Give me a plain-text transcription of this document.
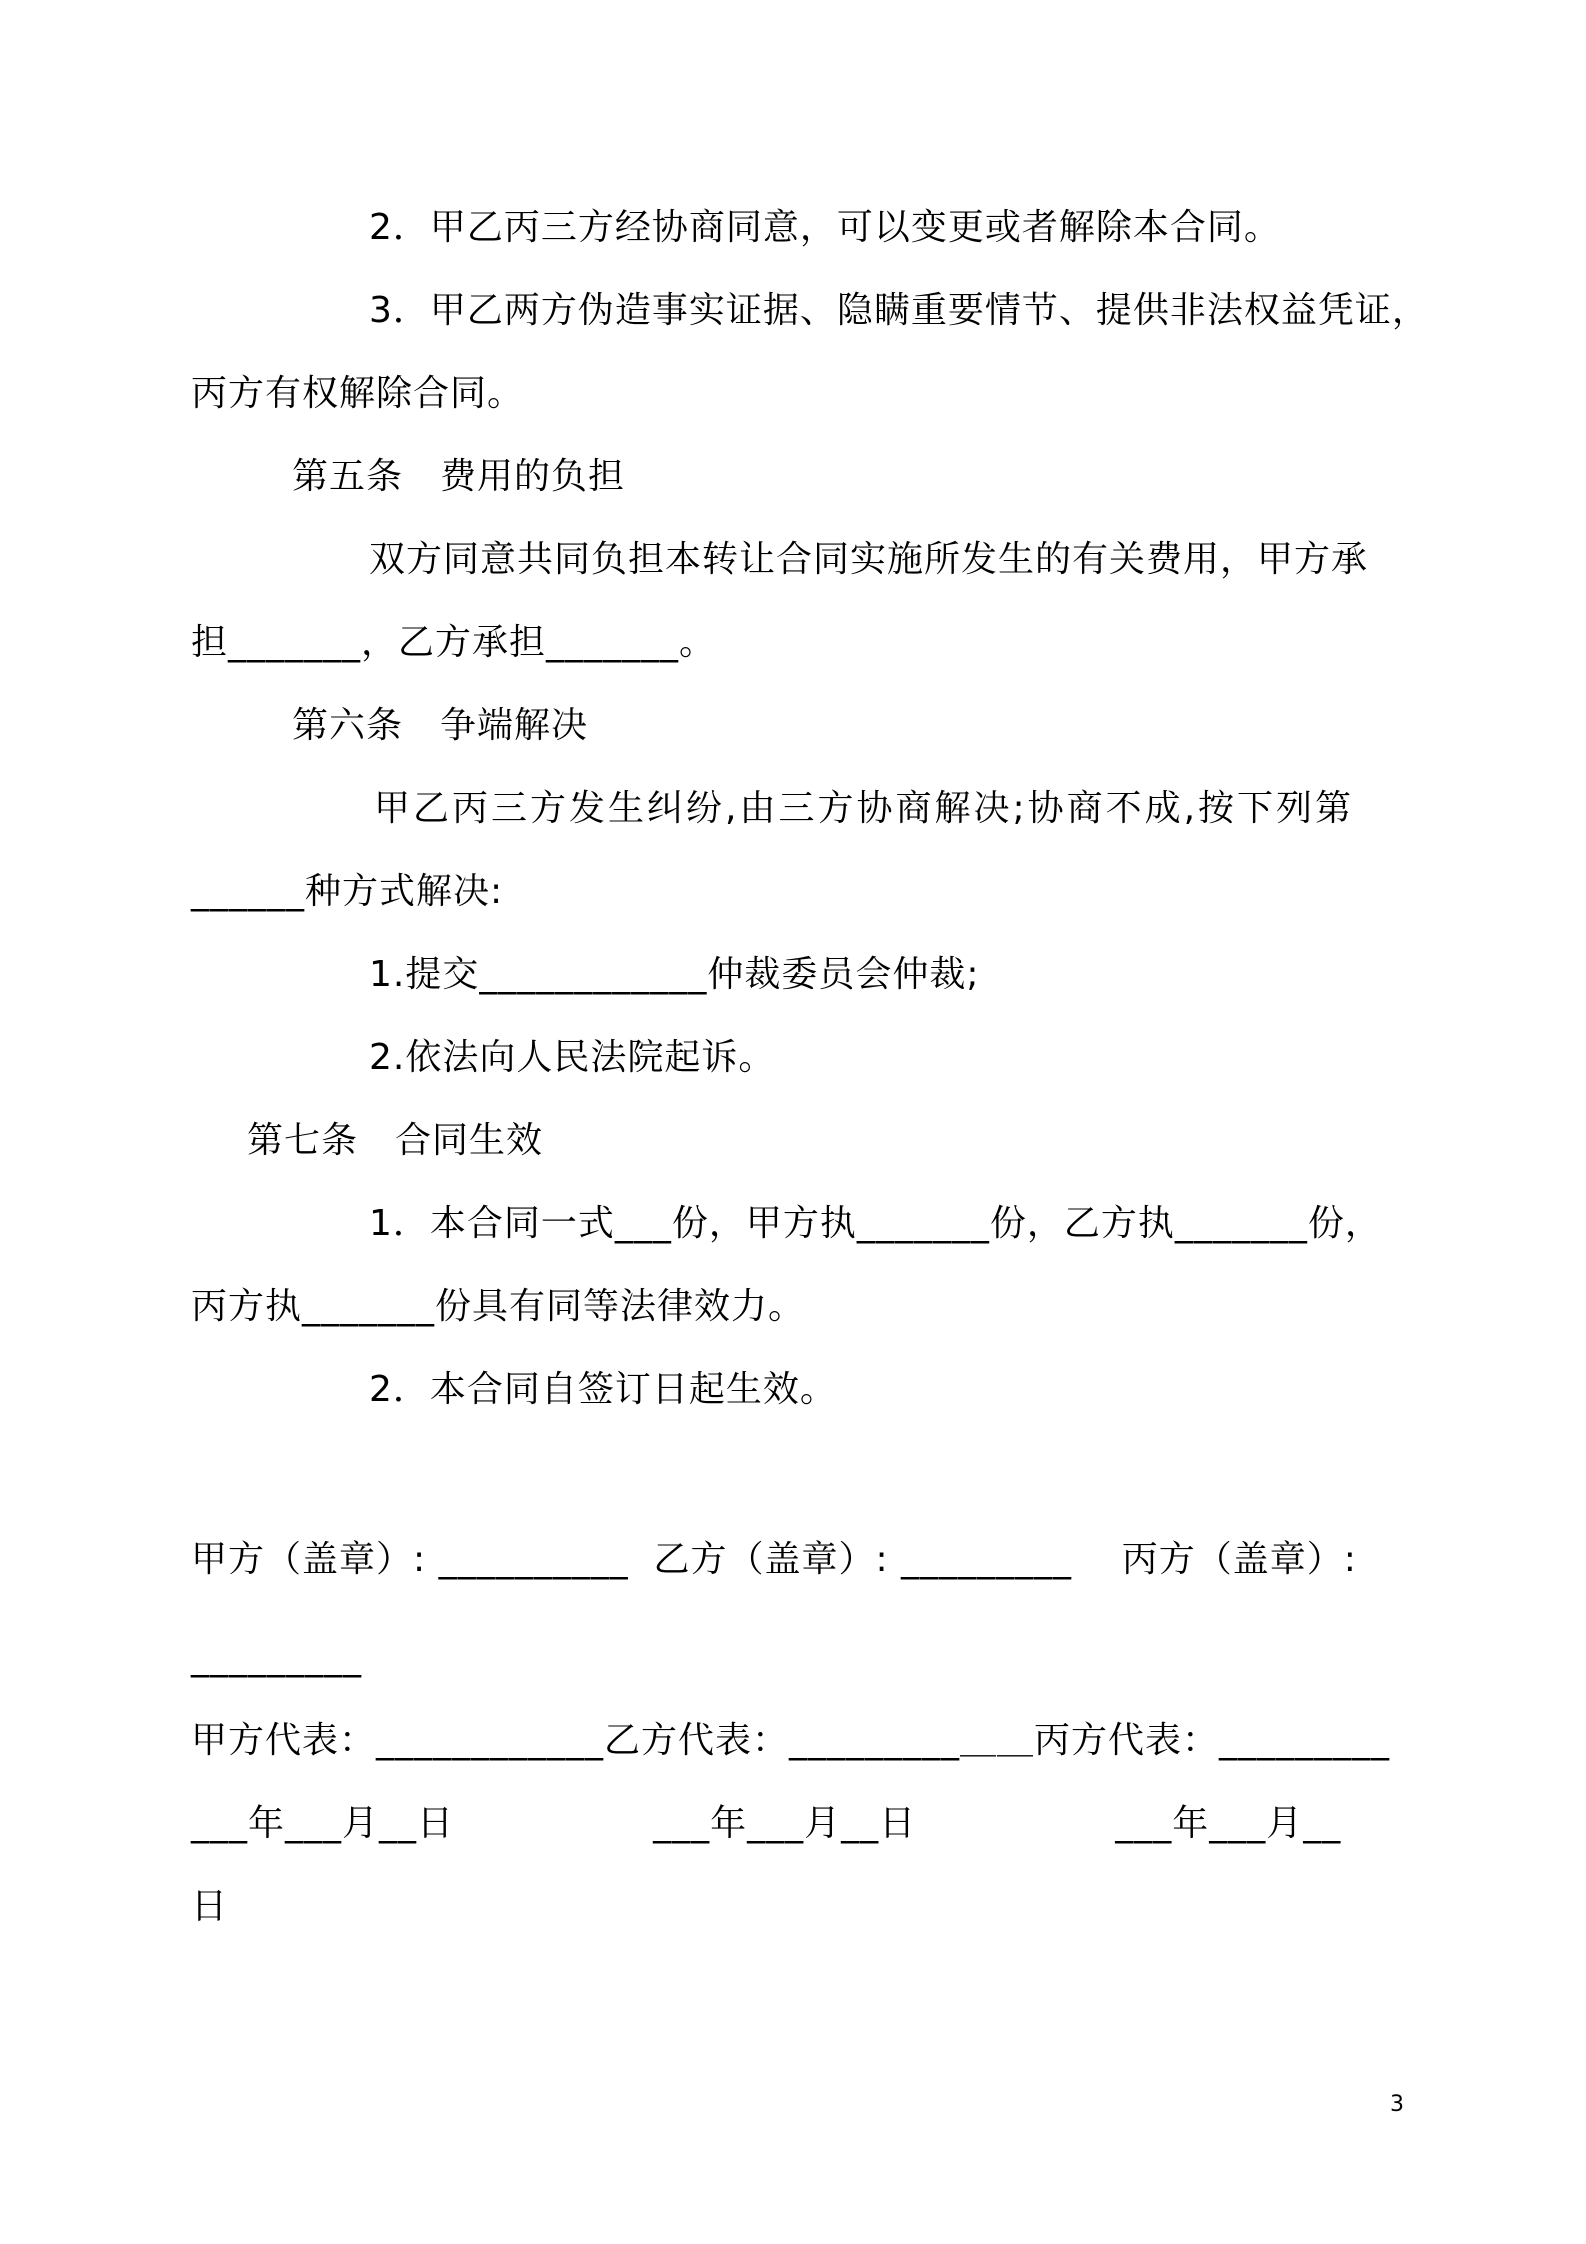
2．甲乙丙三方经协商同意，可以变更或者解除本合同。
3．甲乙两方伪造事实证据、隐瞒重要情节、提供非法权益凭证，
丙方有权解除合同。
第五条　费用的负担
双方同意共同负担本转让合同实施所发生的有关费用，甲方承
担_______，乙方承担_______。
第六条　争端解决
甲乙丙三方发生纠纷,由三方协商解决;协商不成,按下列第
______种方式解决:
1.提交____________仲裁委员会仲裁;
2.依法向人民法院起诉。
第七条　合同生效
1．本合同一式___份，甲方执_______份，乙方执_______份，
丙方执_______份具有同等法律效力。
2．本合同自签订日起生效。
甲方（盖章）: __________  乙方（盖章）: _________    丙方（盖章）:
_________
甲方代表：____________乙方代表：_________＿＿丙方代表：_________
___年___月__日                ___年___月__日                ___年___月__
日
3
